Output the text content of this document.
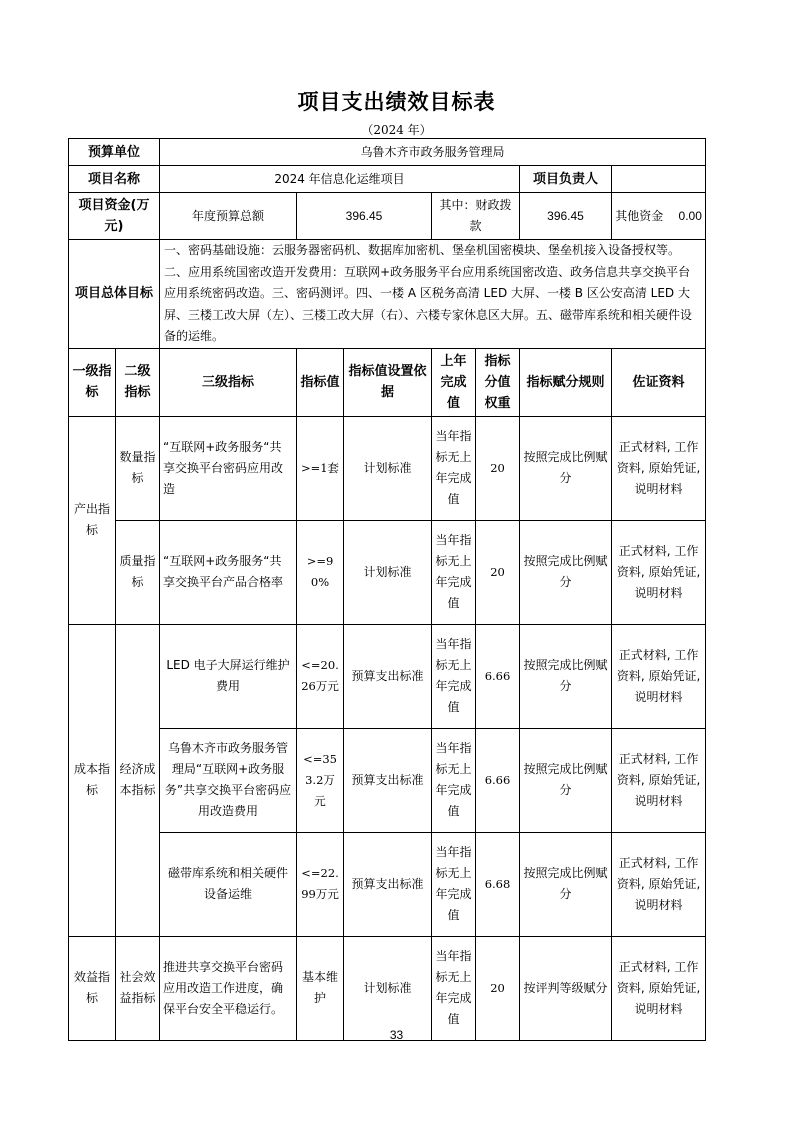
项目支出绩效目标表
（2024 年）
预算单位		乌鲁木齐市政务服务管理局						
项目名称		2024 年信息化运维项目					项目负责人	
项目资金(万元)		年度预算总额	396.45		其中：财政拨款		396.45	其他资金 0.00
项目总体目标		一、密码基础设施：云服务器密码机、数据库加密机、堡垒机国密模块、堡垒机接入设备授权等。二、应用系统国密改造开发费用：互联网+政务服务平台应用系统国密改造、政务信息共享交换平台应用系统密码改造。三、密码测评。四、一楼 A 区税务高清 LED 大屏、一楼 B 区公安高清 LED 大屏、三楼工改大屏（左）、三楼工改大屏（右）、六楼专家休息区大屏。五、磁带库系统和相关硬件设备的运维。						
一级指标	二级指标	三级指标	指标值	指标值设置依据	上年完成值	指标分值权重	指标赋分规则	佐证资料
产出指标	数量指标	“互联网+政务服务“共享交换平台密码应用改造	>=1套	计划标准	当年指标无上年完成值	20	按照完成比例赋分	正式材料, 工作资料, 原始凭证, 说明材料
	质量指标	“互联网+政务服务“共享交换平台产品合格率	>=90%	计划标准	当年指标无上年完成值	20	按照完成比例赋分	正式材料, 工作资料, 原始凭证, 说明材料
成本指标	经济成本指标	LED 电子大屏运行维护费用	<=20.26万元	预算支出标准	当年指标无上年完成值	6.66	按照完成比例赋分	正式材料, 工作资料, 原始凭证, 说明材料
		乌鲁木齐市政务服务管理局“互联网+政务服务”共享交换平台密码应用改造费用	<=353.2万元	预算支出标准	当年指标无上年完成值	6.66	按照完成比例赋分	正式材料, 工作资料, 原始凭证, 说明材料
		磁带库系统和相关硬件设备运维	<=22.99万元	预算支出标准	当年指标无上年完成值	6.68	按照完成比例赋分	正式材料, 工作资料, 原始凭证, 说明材料
效益指标	社会效益指标	推进共享交换平台密码应用改造工作进度，确保平台安全平稳运行。	基本维护	计划标准	当年指标无上年完成值	20	按评判等级赋分	正式材料, 工作资料, 原始凭证, 说明材料
33
